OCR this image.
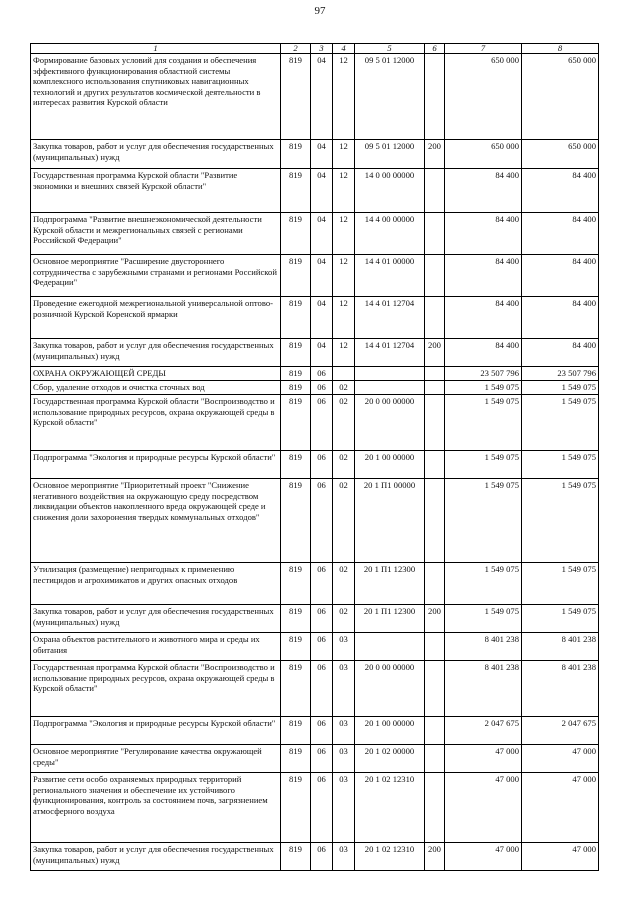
97
1	2	3	4	5	6	7	8
Формирование базовых условий для создания и обеспечения эффективного функционирования областной системы комплексного использования спутниковых навигационных технологий и других результатов космической деятельности в интересах развития Курской области	819	04	12	09 5 01 12000		650 000	650 000
Закупка товаров, работ и услуг для обеспечения государственных (муниципальных) нужд	819	04	12	09 5 01 12000	200	650 000	650 000
Государственная программа Курской области "Развитие экономики и внешних связей Курской области"	819	04	12	14 0 00 00000		84 400	84 400
Подпрограмма "Развитие внешнеэкономической деятельности Курской области и межрегиональных связей с регионами Российской Федерации"	819	04	12	14 4 00 00000		84 400	84 400
Основное мероприятие "Расширение двустороннего сотрудничества с зарубежными странами и регионами Российской Федерации"	819	04	12	14 4 01 00000		84 400	84 400
Проведение ежегодной межрегиональной универсальной оптово-розничной Курской Коренской ярмарки	819	04	12	14 4 01 12704		84 400	84 400
Закупка товаров, работ и услуг для обеспечения государственных (муниципальных) нужд	819	04	12	14 4 01 12704	200	84 400	84 400
ОХРАНА ОКРУЖАЮЩЕЙ СРЕДЫ	819	06				23 507 796	23 507 796
Сбор, удаление отходов и очистка сточных вод	819	06	02			1 549 075	1 549 075
Государственная программа Курской области "Воспроизводство и использование природных ресурсов, охрана окружающей среды в Курской области"	819	06	02	20 0 00 00000		1 549 075	1 549 075
Подпрограмма "Экология и природные ресурсы Курской области"	819	06	02	20 1 00 00000		1 549 075	1 549 075
Основное мероприятие "Приоритетный проект "Снижение негативного воздействия на окружающую среду посредством ликвидации объектов накопленного вреда окружающей среде и снижения доли захоронения твердых коммунальных отходов"	819	06	02	20 1 П1 00000		1 549 075	1 549 075
Утилизация (размещение) непригодных к применению пестицидов и агрохимикатов и других опасных отходов	819	06	02	20 1 П1 12300		1 549 075	1 549 075
Закупка товаров, работ и услуг для обеспечения государственных (муниципальных) нужд	819	06	02	20 1 П1 12300	200	1 549 075	1 549 075
Охрана объектов растительного и животного мира и среды их обитания	819	06	03			8 401 238	8 401 238
Государственная программа Курской области "Воспроизводство и использование природных ресурсов, охрана окружающей среды в Курской области"	819	06	03	20 0 00 00000		8 401 238	8 401 238
Подпрограмма "Экология и природные ресурсы Курской области"	819	06	03	20 1 00 00000		2 047 675	2 047 675
Основное мероприятие "Регулирование качества окружающей среды"	819	06	03	20 1 02 00000		47 000	47 000
Развитие сети особо охраняемых природных территорий регионального значения и обеспечение их устойчивого функционирования, контроль за состоянием почв, загрязнением атмосферного воздуха	819	06	03	20 1 02 12310		47 000	47 000
Закупка товаров, работ и услуг для обеспечения государственных (муниципальных) нужд	819	06	03	20 1 02 12310	200	47 000	47 000
